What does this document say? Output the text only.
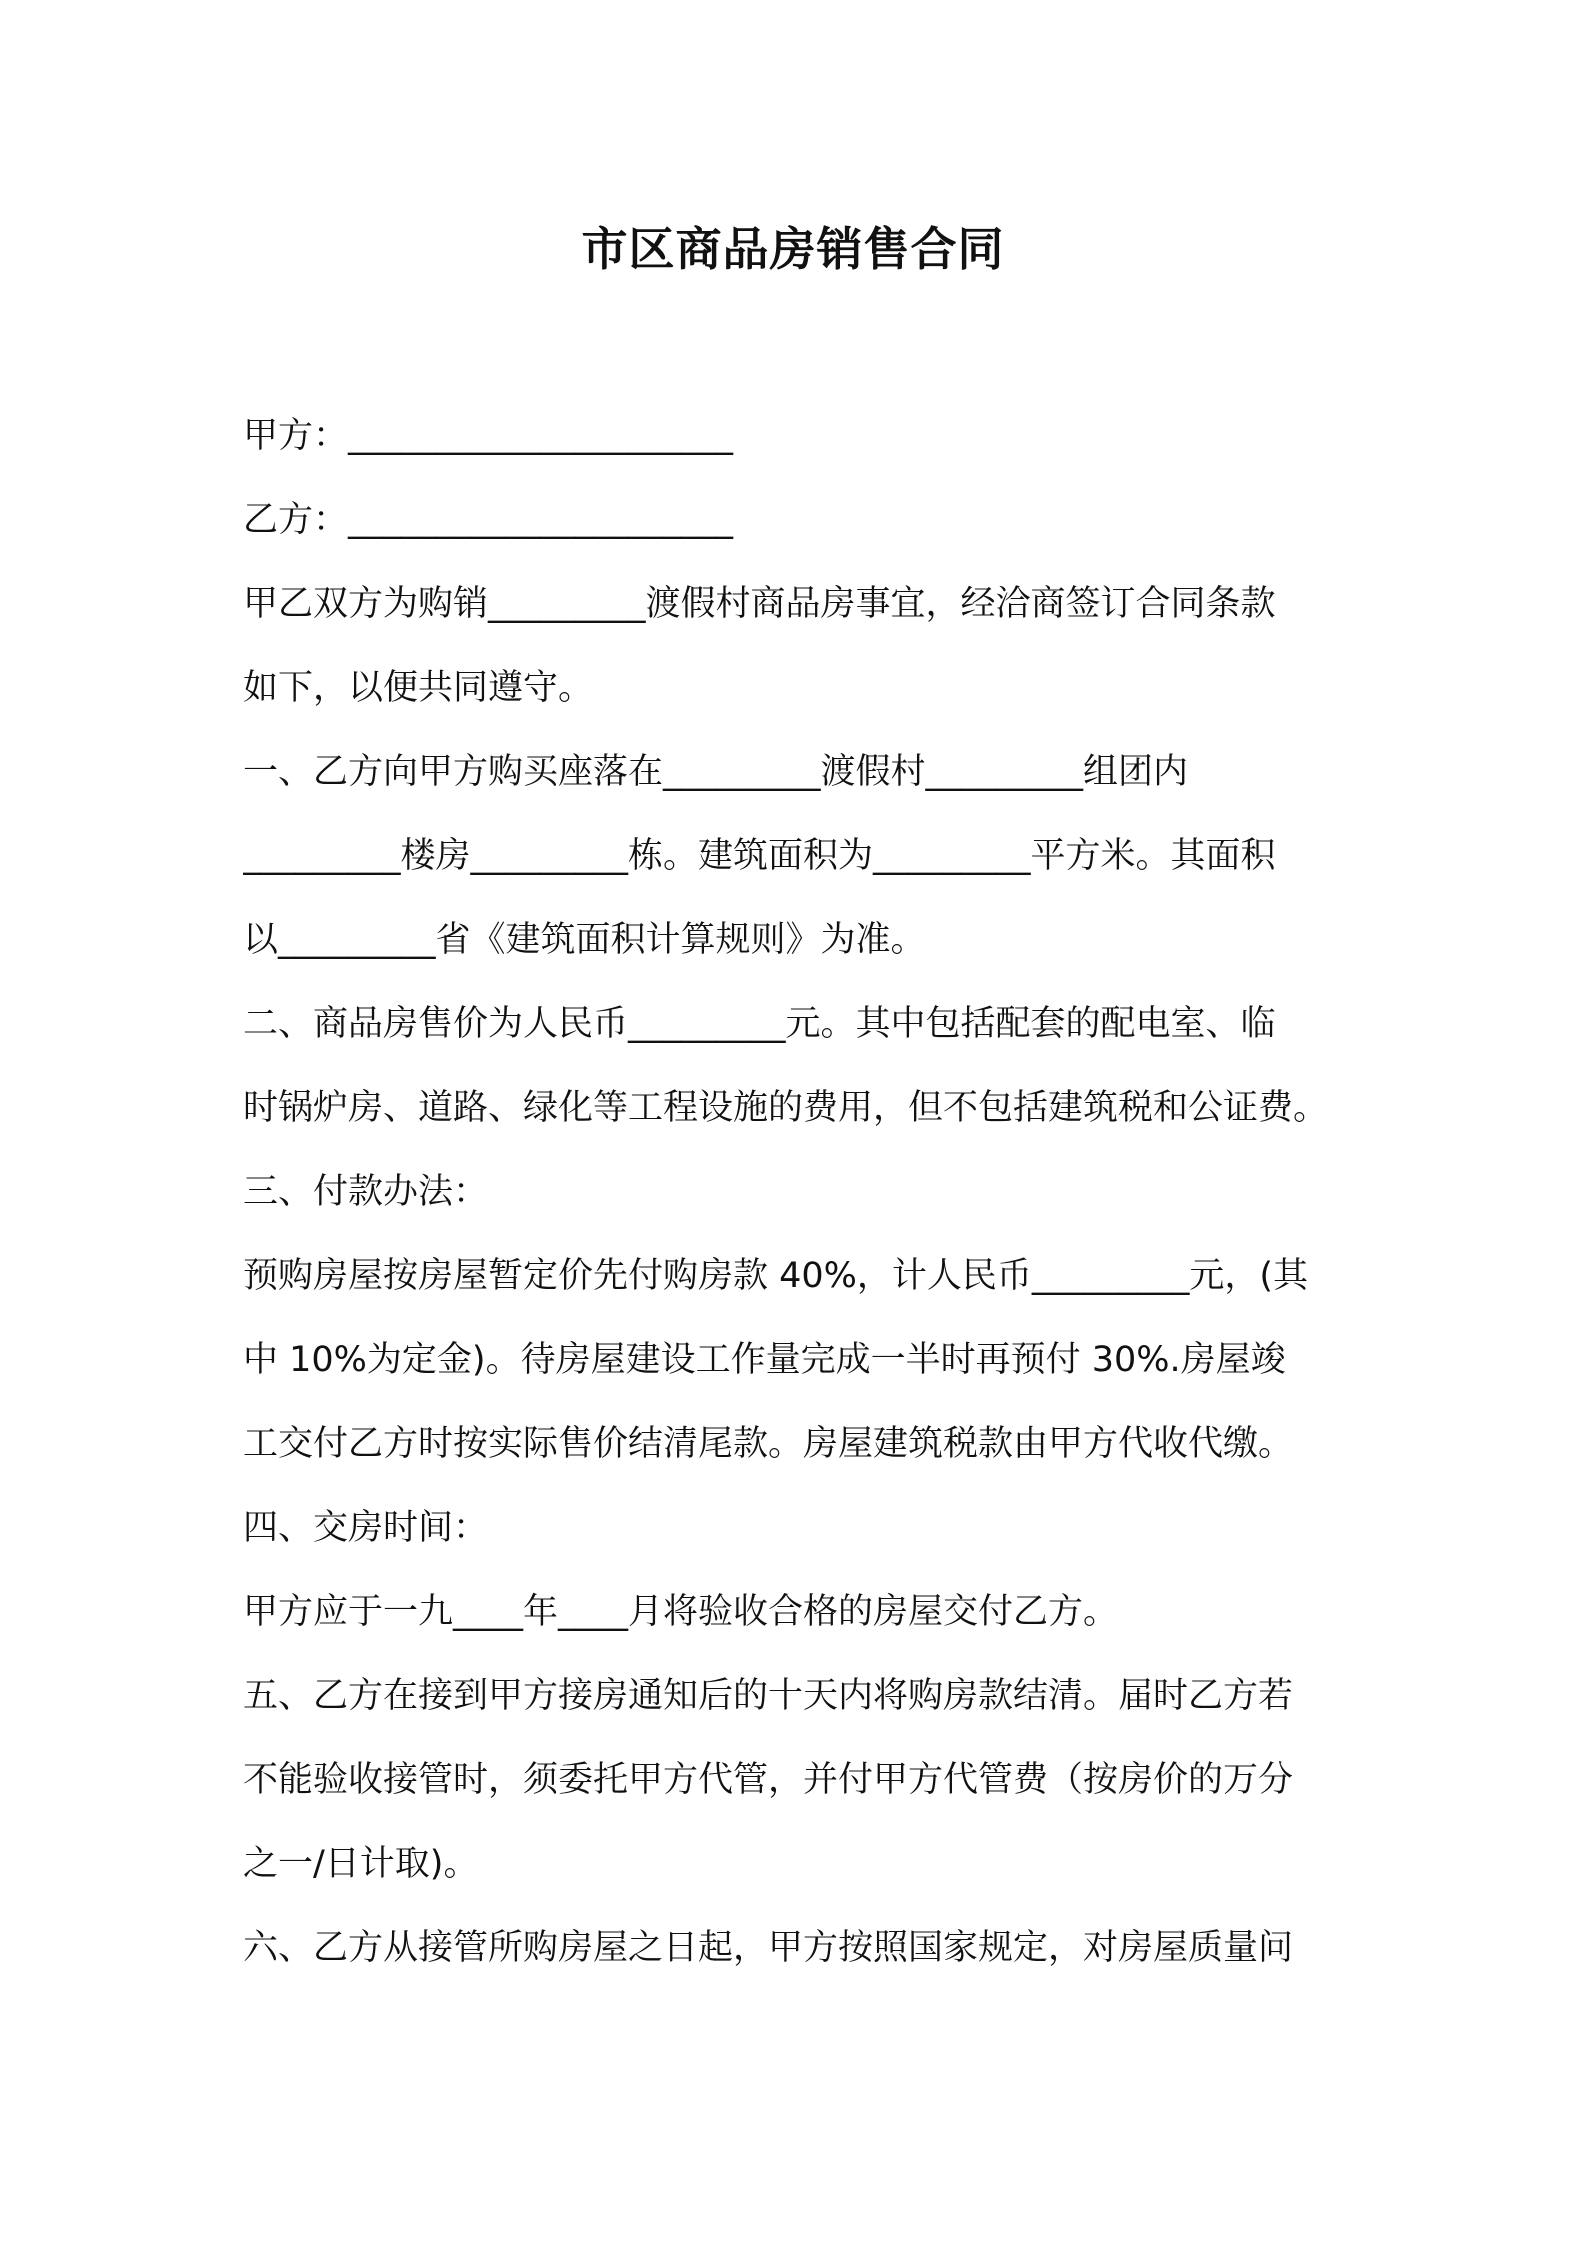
市区商品房销售合同
甲方：______________________
乙方：______________________
甲乙双方为购销_________渡假村商品房事宜，经洽商签订合同条款
如下，以便共同遵守。
一、乙方向甲方购买座落在_________渡假村_________组团内
_________楼房_________栋。建筑面积为_________平方米。其面积
以_________省《建筑面积计算规则》为准。
二、商品房售价为人民币_________元。其中包括配套的配电室、临
时锅炉房、道路、绿化等工程设施的费用，但不包括建筑税和公证费。
三、付款办法：
预购房屋按房屋暂定价先付购房款 40%，计人民币_________元，(其
中 10%为定金)。待房屋建设工作量完成一半时再预付 30%.房屋竣
工交付乙方时按实际售价结清尾款。房屋建筑税款由甲方代收代缴。
四、交房时间：
甲方应于一九____年____月将验收合格的房屋交付乙方。
五、乙方在接到甲方接房通知后的十天内将购房款结清。届时乙方若
不能验收接管时，须委托甲方代管，并付甲方代管费（按房价的万分
之一/日计取)。
六、乙方从接管所购房屋之日起，甲方按照国家规定，对房屋质量问
